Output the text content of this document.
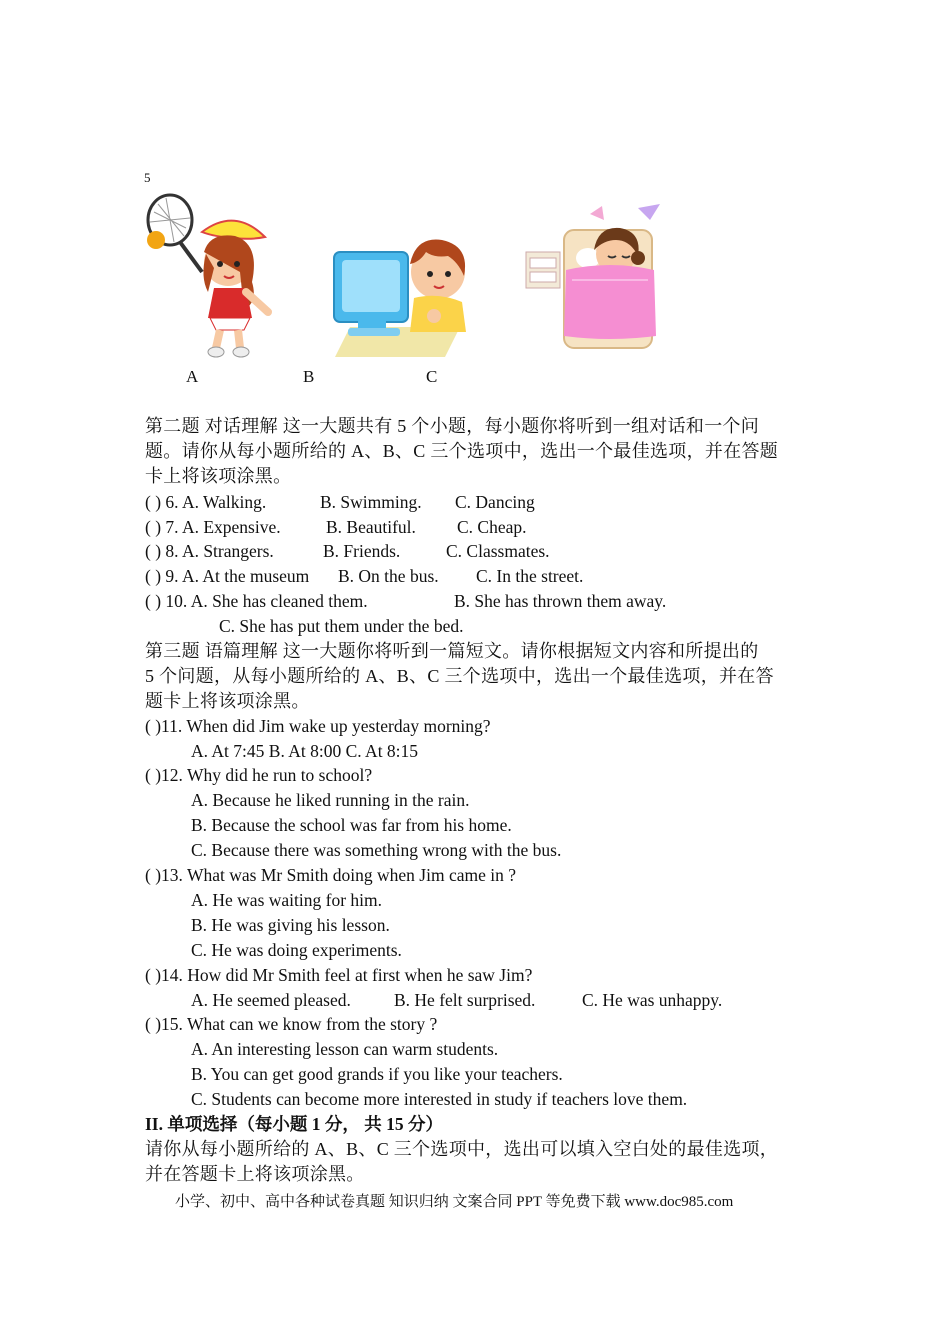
5
A	B	C
第二题 对话理解 这一大题共有 5 个小题，每小题你将听到一组对话和一个问
题。请你从每小题所给的 A、B、C 三个选项中，选出一个最佳选项，并在答题
卡上将该项涂黑。
( ) 6. A. Walking.	B. Swimming. C. Dancing
( ) 7. A. Expensive.	B. Beautiful. C. Cheap.
( ) 8. A. Strangers.	B. Friends.	C. Classmates.
( ) 9. A. At the museum B. On the bus. C. In the street.
( ) 10. A. She has cleaned them.	B. She has thrown them away.
C. She has put them under the bed.
第三题 语篇理解 这一大题你将听到一篇短文。请你根据短文内容和所提出的
5 个问题，从每小题所给的 A、B、C 三个选项中，选出一个最佳选项，并在答
题卡上将该项涂黑。
( )11. When did Jim wake up yesterday morning?
A. At 7:45 B. At 8:00 C. At 8:15
( )12. Why did he run to school?
A. Because he liked running in the rain.
B. Because the school was far from his home.
C. Because there was something wrong with the bus.
( )13. What was Mr Smith doing when Jim came in ?
A. He was waiting for him.
B. He was giving his lesson.
C. He was doing experiments.
( )14. How did Mr Smith feel at first when he saw Jim?
A. He seemed pleased. B. He felt surprised.	C. He was unhappy.
( )15. What can we know from the story ?
A. An interesting lesson can warm students.
B. You can get good grands if you like your teachers.
C. Students can become more interested in study if teachers love them.
II. 单项选择（每小题 1 分， 共 15 分）
请你从每小题所给的 A、B、C 三个选项中，选出可以填入空白处的最佳选项，
并在答题卡上将该项涂黑。
小学、初中、高中各种试卷真题 知识归纳 文案合同 PPT 等免费下载 www.doc985.com
